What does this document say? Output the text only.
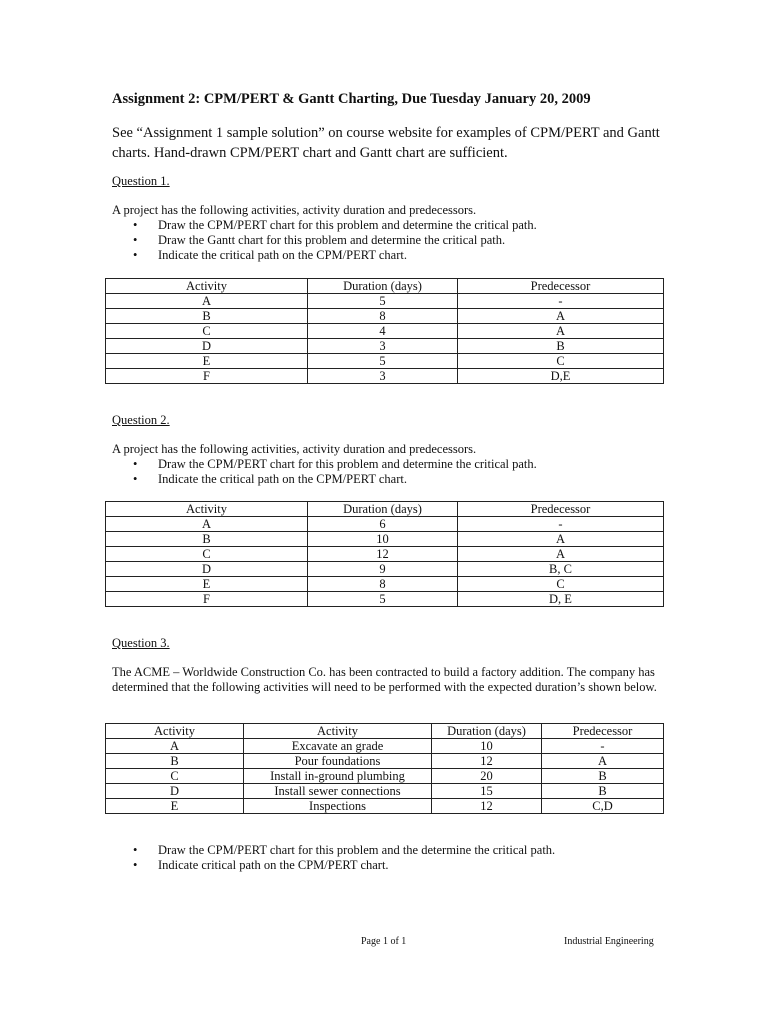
Assignment 2: CPM/PERT & Gantt Charting, Due Tuesday January 20, 2009
See “Assignment 1 sample solution” on course website for examples of CPM/PERT and Gantt charts. Hand-drawn CPM/PERT chart and Gantt chart are sufficient.
Question 1.
A project has the following activities, activity duration and predecessors.
• Draw the CPM/PERT chart for this problem and determine the critical path.
• Draw the Gantt chart for this problem and determine the critical path.
• Indicate the critical path on the CPM/PERT chart.
Activity	Duration (days)	Predecessor
A	5	-
B	8	A
C	4	A
D	3	B
E	5	C
F	3	D,E
Question 2.
A project has the following activities, activity duration and predecessors.
• Draw the CPM/PERT chart for this problem and determine the critical path.
• Indicate the critical path on the CPM/PERT chart.
Activity	Duration (days)	Predecessor
A	6	-
B	10	A
C	12	A
D	9	B, C
E	8	C
F	5	D, E
Question 3.
The ACME – Worldwide Construction Co. has been contracted to build a factory addition. The company has determined that the following activities will need to be performed with the expected duration’s shown below.
Activity	Activity	Duration (days)	Predecessor
A	Excavate an grade	10	-
B	Pour foundations	12	A
C	Install in-ground plumbing	20	B
D	Install sewer connections	15	B
E	Inspections	12	C,D
• Draw the CPM/PERT chart for this problem and the determine the critical path.
• Indicate critical path on the CPM/PERT chart.
Page 1 of 1	Industrial Engineering
